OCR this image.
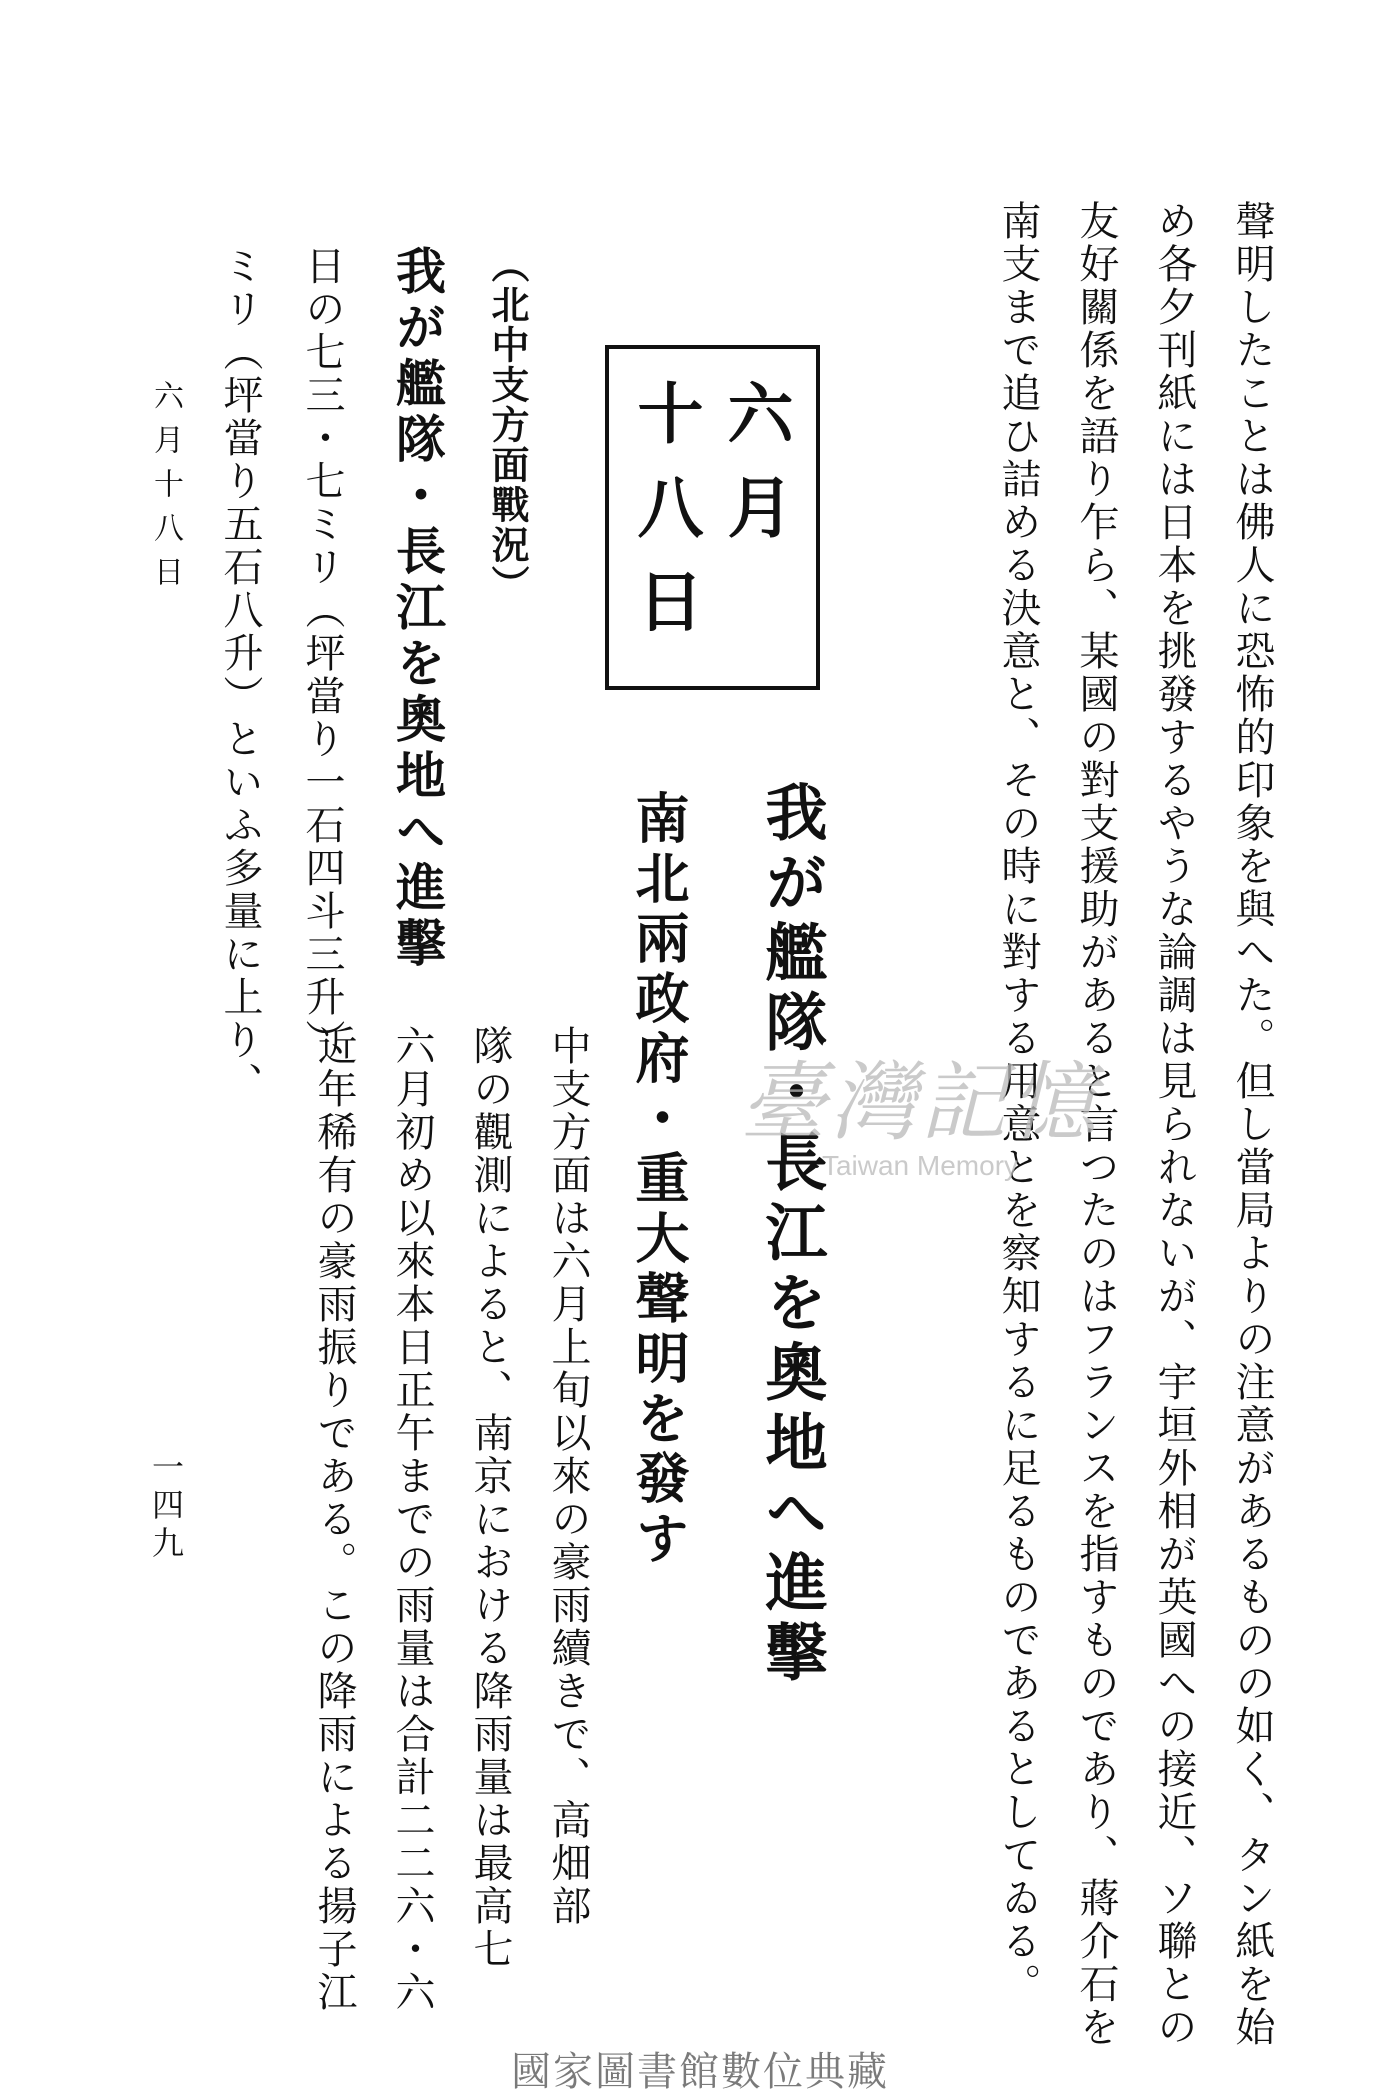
聲明したことは佛人に恐怖的印象を與へた。但し當局よりの注意があるものの如く、タン紙を始
め各夕刊紙には日本を挑發するやうな論調は見られないが、宇垣外相が英國への接近、ソ聯との
友好關係を語り乍ら、某國の對支援助があると言つたのはフランスを指すものであり、蔣介石を
南支まで追ひ詰める決意と、その時に對する用意とを察知するに足るものであるとしてゐる。
六月
十八日
我が艦隊・長江を奧地へ進擊
南北兩政府・重大聲明を發す
中支方面は六月上旬以來の豪雨續きで、高畑部
隊の觀測によると、南京における降雨量は最高七
六月初め以來本日正午までの雨量は合計二二六・六
近年稀有の豪雨振りである。この降雨による揚子江
（北中支方面戰況）
我が艦隊・長江を奧地へ進擊
日の七三・七ミリ（坪當り一石四斗三升）、
ミリ（坪當り五石八升）といふ多量に上り、
六月十八日
一四九
臺灣記憶
Taiwan Memory
國家圖書館數位典藏
